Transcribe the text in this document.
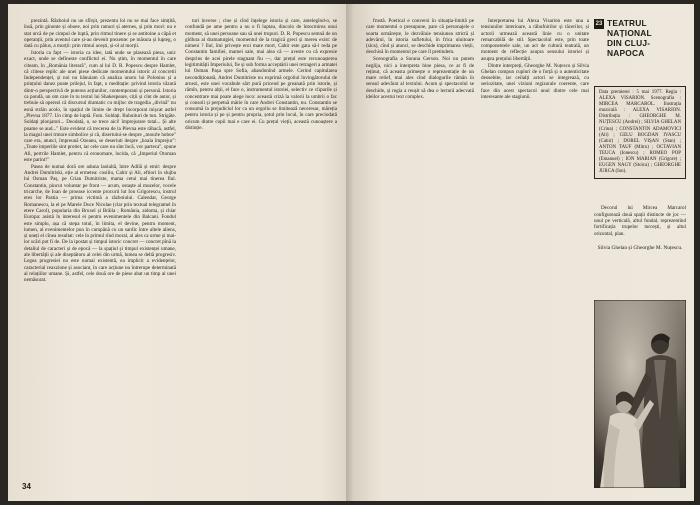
prezintă. Războiul nu un sfîrșit, prezentu loi nu se mai face simțită, însă, prin ginonte și oboee, noi prin ramuri și aternes, și prin mori: nu e stat urcă de pe cimpul de luptă, prin ritmul tinere și se antitoine a căpă et operanții, prin aventul care și-au devenit prezente: pe măsura și lupteg, o dată cu pălus, a morții: prin ritmul acești, și-ol al morții.

Istoria ca fapt — istoria ca idee, iată unde se plasează piesa, unic exact, unde se defineste conflictul ei. Nu știm, în momentul în care citeam, în „România literară", cum al lui D. R. Popescu despre Hamlet, că ciitese replic ale unei piese dedicate momentului istoric al concretii Independenței, și noi nu bănuiam că analiza unoru lui Polonius și a prințului danez poate prilejul, în fapt, o meditație: privind istoria văzută dintr-o perspectivă de puterea acțiunilor, contemporani și personă. Istoria ca pondă, un om care în tu textul lui Shakespeare, ciții și cînt de autor, și trebuie să operezi că discursul dramatic cu mijloc de tragedia „divină" nu esnă străin acolo, în spațiul de limite de drept încorporat mișcat astfel „Plevna 1877. Un cimp de luptă. Fum. Soldați. Bubuituri de tun. Strigăte. Soldați plonjatori... Deodată, o, se trece aici! împrejurare total... Și alte poame se aud..." Este evident că trecerea de la Plevna este răbacă, astfel, la magul unei trmore simbolice și că, disertului-se despre „mourle hoboe" care era, atunci, împreună Ozeanu, se deseriuti despre „hoala împrejur": „Toate imperiile sint protiet, iar cele care nu sînt încă, vor parteca", spune Ali, pertrile Hamlet, pentru că eronomare, lucida, că „Imperiul Otoman este parint!"

Pasea de numai doră ore aduna laolaltă, între Adilă și emir: despre Andrei Dumitriski, eție al ermetea: cosiliu, Cahir și Ali, eftiori în slujba lui Osman Paș, pe Crian Dumitriste, mama cetui mai tinerea fiul. Constantin, pincut voluntar pe front — acum, ostaște al muzelor, vocele tricarche, de Ioan de proease iccente procurii lut Ion Grigorescu, instrul eres lor Pastia — prima victimă a războiului. Calendar, George Romanescu, la el pe Marele Duce Nicolae (clar prin textual telegramel în etere Carol), popularia din Bruxel și Brăila ; România, aidoma, și chiar Europa: asistă în interesul ei pentru evenimentele din Balcani. Fondul este simplu, așa că stepa totul, în limita, el devine, pentru moment, lumen, al evenimentelor pun în cumpănă cu un sardic între altele aliens, și uneți el cînea resultat: cele în primul rînd moral, al ales ca urme și mai-lor scări pot fi de. De la ipostat și timpul istoric concret — concret pînă la detaliul de caracteri și de epocă — la spațiul și timpul existenței umane, ale libertății și ale diseptătoru al celei din urmă, lumea se deltă progresiv. Legea progresiei nu este numai existentă, ea implicit a evidențelor, caracterial reaxzione și asociant, în care acțiune nu întrerupe determinată al relațiilor umane. Și, astfel, cele două ore de piese abat un timp al unei nemăsurat.

turi inverse ; cine și cînd înțelege istoria și care, antelegînd-o, se confundă pe ame pentru a nu o fi luptau, dincolo de întocmirea unui moment, să unei persoane sau să unei trupuri. D. R. Popescu semnă de un gîdlura al dramaturgiei, momentul de la tragică greci și mereu exist: de nimeni ? Ilul, îmi privește eroi mare mort, Cahir este gata să-l reda pe Constantin familiei, mamei sale, mai alea că — aveste cu că expresie desprins de acei pirele stagnant fiu —, dar prețul este recunoașterea legitimității Imperiului, fie și sub forma acceptării unei retrageri a armatei lui Osman Pașa spre Sofia, abandonînd armele. Cerind capitularea necondiționată, Andrei Dumitriste nu exprimă orgoliul învingătorului de arnezi, este unei vocabule sărt pură pricend pe greanată prin istorie, și rămîn, pentru alții, el face o, instrumentul istoriei, selectiv ce clipurile și concentrare mai poate alege loco: această criză la valorii la umbrii o fac și consoli și perpetuă mărie în care Andrei Constantin, nu. Constantin se consumă la prejudiciul lor ca un orgoliu se limitează neceresar, măreția pentru istoria și pe și pentru propria, șotul prin locul, în care preciodată oricum dintre copii mai e care ei. Cu prețul vieții, această cunoaștere a distinție.

34

frustă. Poetical e conversi în situația-limită pe care momentul o presupune, pare că personajele o soarta urmărește, le dezvăluie tensiunea strictă și adevărul, în istoria sufletului, în frica uluitoare (sica), cînd și atunci, se deschide imprimarea vieții, deschisă în momentul pe care îl pretindem.

Scenografia a Sorana Gerson. Noi nu putem neglija, nici a interpreta bine piesa, ce ar fi de reținut, că aceasta primește o reprezentație de un mare relief, mai ales cînd dialogurile rămân în sensul adevărat al textului. Acum și spectacolul se deschide, și regia a reușit să dea o lectură adecvată ideilor acestui text complex.

Interpretarea lui Alexa Visarion este una a tensiunilor interioare, a răbufnirilor și tăcerilor, și actorii urmează această linie cu o unitate remarcabilă de stil. Spectacolul este, prin toate componentele sale, un act de cultură teatrală, un moment de reflecție asupra sensului istoriei și asupra prețului libertății.

Dintre interpreți, Gheorghe M. Nuțescu și Silvia Ghelan compun cupluri de o forță și o autenticitate deosebite, iar ceilalți actori se integrează, cu seriozitate, unei viziuni regizorale coerente, care face din acest spectacol unul dintre cele mai interesante ale stagiunii.

23 TEATRUL NAȚIONAL
DIN CLUJ-NAPOCA
Data premierei : 5 mai 1977. Regia : ALEXA VISARION. Scenografia : MIRCEA MARCAROL. Ilustrația muzicală : ALEXA VISARION. Distribuția : GHEORGHE M. NUȚESCU (Andrei) ; SILVIA GHELAN (Crina) ; CONSTANTIN ADAMOVICI (Ali) ; GELU BOGDAN IVASCU (Cahir) ; DOREL VIȘAN (Stan) ; ANTON TAUF (Mitru) ; OCTAVIAN TEUCA (Ionescu) ; ROMEO POP (Emanuel) ; ION MARIAN (Grigore) ; EUGEN NAGY (Stoica) ; GHEORGHE JURCA (Ion).

Decorul lui Mircea Marcarol configurează două spații distincte de joc — unul pe verticală, altul fundal, reprezentînd fortificația trupelor turcești, și altul orizontal, plan.

Silvia Ghelan și Gheorghe M. Nuțescu.
